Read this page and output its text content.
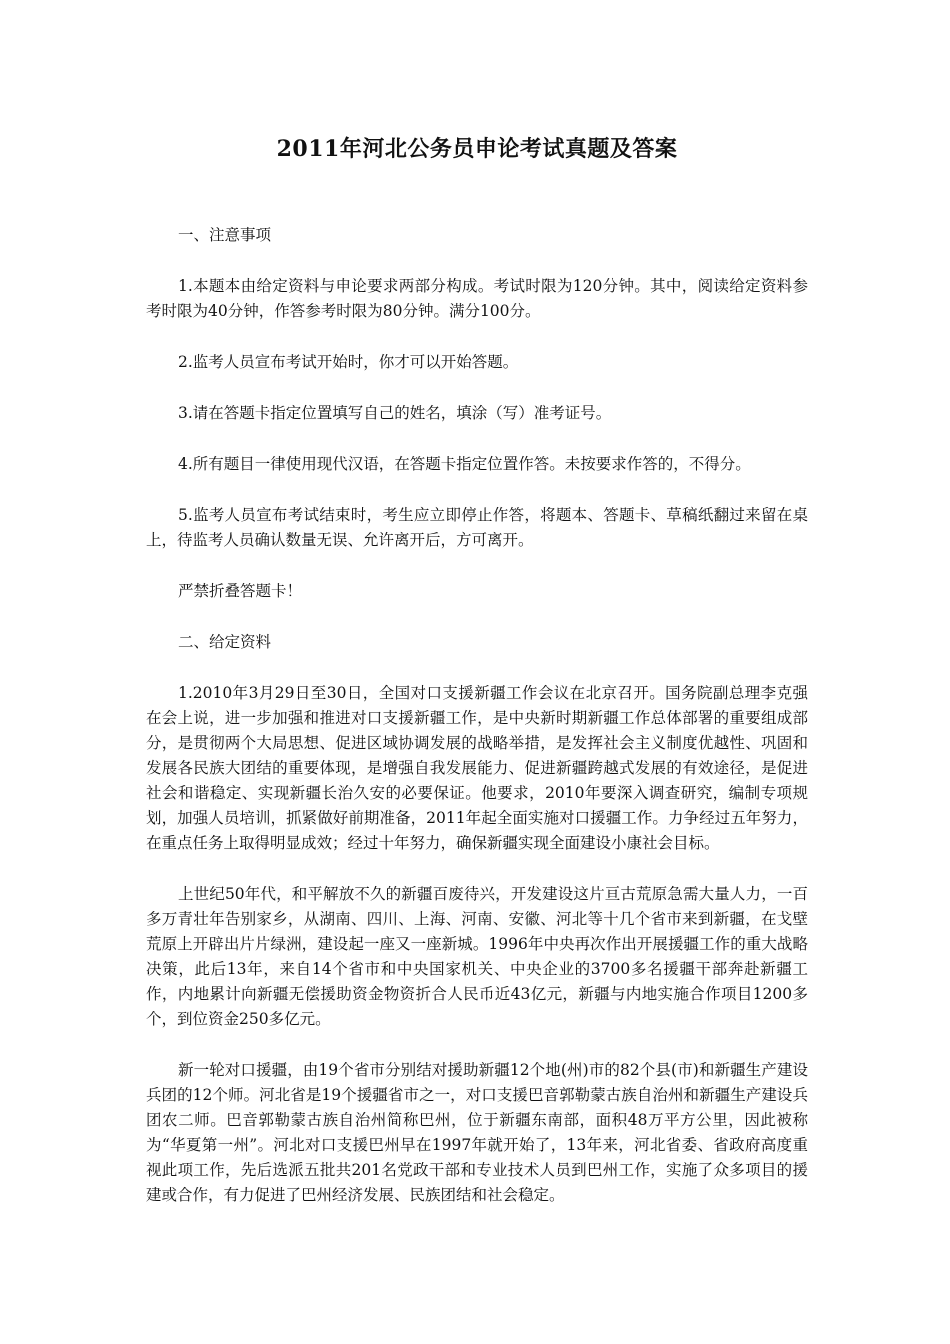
2011年河北公务员申论考试真题及答案

一、注意事项

1.本题本由给定资料与申论要求两部分构成。考试时限为120分钟。其中，阅读给定资料参考时限为40分钟，作答参考时限为80分钟。满分100分。

2.监考人员宣布考试开始时，你才可以开始答题。

3.请在答题卡指定位置填写自己的姓名，填涂（写）准考证号。

4.所有题目一律使用现代汉语，在答题卡指定位置作答。未按要求作答的，不得分。

5.监考人员宣布考试结束时，考生应立即停止作答，将题本、答题卡、草稿纸翻过来留在桌上，待监考人员确认数量无误、允许离开后，方可离开。

严禁折叠答题卡！

二、给定资料

1.2010年3月29日至30日，全国对口支援新疆工作会议在北京召开。国务院副总理李克强在会上说，进一步加强和推进对口支援新疆工作，是中央新时期新疆工作总体部署的重要组成部分，是贯彻两个大局思想、促进区域协调发展的战略举措，是发挥社会主义制度优越性、巩固和发展各民族大团结的重要体现，是增强自我发展能力、促进新疆跨越式发展的有效途径，是促进社会和谐稳定、实现新疆长治久安的必要保证。他要求，2010年要深入调查研究，编制专项规划，加强人员培训，抓紧做好前期准备，2011年起全面实施对口援疆工作。力争经过五年努力，在重点任务上取得明显成效；经过十年努力，确保新疆实现全面建设小康社会目标。

上世纪50年代，和平解放不久的新疆百废待兴，开发建设这片亘古荒原急需大量人力，一百多万青壮年告别家乡，从湖南、四川、上海、河南、安徽、河北等十几个省市来到新疆，在戈壁荒原上开辟出片片绿洲，建设起一座又一座新城。1996年中央再次作出开展援疆工作的重大战略决策，此后13年，来自14个省市和中央国家机关、中央企业的3700多名援疆干部奔赴新疆工作，内地累计向新疆无偿援助资金物资折合人民币近43亿元，新疆与内地实施合作项目1200多个，到位资金250多亿元。

新一轮对口援疆，由19个省市分别结对援助新疆12个地(州)市的82个县(市)和新疆生产建设兵团的12个师。河北省是19个援疆省市之一，对口支援巴音郭勒蒙古族自治州和新疆生产建设兵团农二师。巴音郭勒蒙古族自治州简称巴州，位于新疆东南部，面积48万平方公里，因此被称为“华夏第一州”。河北对口支援巴州早在1997年就开始了，13年来，河北省委、省政府高度重视此项工作，先后选派五批共201名党政干部和专业技术人员到巴州工作，实施了众多项目的援建或合作，有力促进了巴州经济发展、民族团结和社会稳定。
